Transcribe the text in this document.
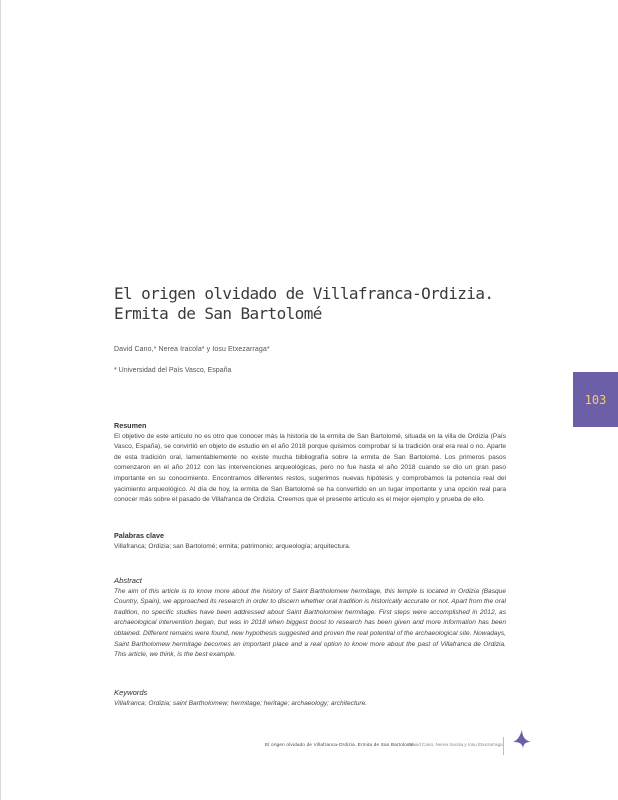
El origen olvidado de Villafranca-Ordizia.
Ermita de San Bartolomé
David Cano,* Nerea Iracola* y Iosu Etxezarraga*
* Universidad del País Vasco, España
103
Resumen
El objetivo de este artículo no es otro que conocer más la historia de la ermita de San Bartolomé, situada en la villa de Ordizia (País Vasco, España), se convirtió en objeto de estudio en el año 2018 porque quisimos comprobar si la tradición oral era real o no. Aparte de esta tradición oral, lamentablemente no existe mucha bibliografía sobre la ermita de San Bartolomé. Los primeros pasos comenzaron en el año 2012 con las intervenciones arqueológicas, pero no fue hasta el año 2018 cuando se dio un gran paso importante en su conocimiento. Encontramos diferentes restos, sugerimos nuevas hipótesis y comprobamos la potencia real del yacimiento arqueológico. Al día de hoy, la ermita de San Bartolomé se ha convertido en un lugar importante y una opción real para conocer más sobre el pasado de Villafranca de Ordizia. Creemos que el presente artículo es el mejor ejemplo y prueba de ello.
Palabras clave
Villafranca; Ordizia; san Bartolomé; ermita; patrimonio; arqueología; arquitectura.
Abstract
The aim of this article is to know more about the history of Saint Bartholomew hermitage, this temple is located in Ordizia (Basque Country, Spain), we approached its research in order to discern whether oral tradition is historically accurate or not. Apart from the oral tradition, no specific studies have been addressed about Saint Bartholomew hermitage. First steps were accomplished in 2012, as archaeological intervention began, but was in 2018 when biggest boost to research has been given and more information has been obtained. Different remains were found, new hypothesis suggested and proven the real potential of the archaeological site. Nowadays, Saint Bartholomew hermitage becomes an important place and a real option to know more about the past of Villafranca de Ordizia. This article, we think, is the best example.
Keywords
Villafranca; Ordizia; saint Bartholomew; hermitage; heritage; archaeology; architecture.
El origen olvidado de Villafranca-Ordizia. Ermita de San Bartolomé
David Cano, Nerea Iracola y Iosu Etxezarraga
